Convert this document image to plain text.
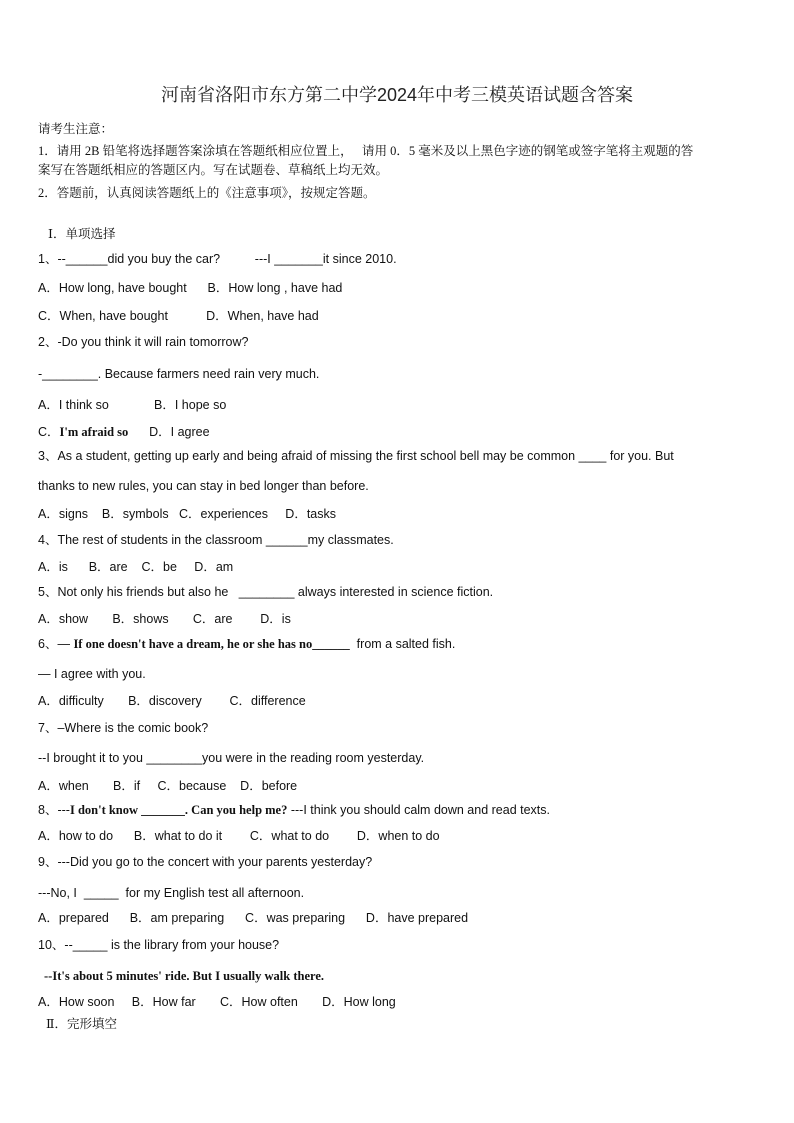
河南省洛阳市东方第二中学2024年中考三模英语试题含答案
请考生注意：
1．请用 2B 铅笔将选择题答案涂填在答题纸相应位置上，   请用 0．5 毫米及以上黑色字迹的钢笔或签字笔将主观题的答
案写在答题纸相应的答题区内。写在试题卷、草稿纸上均无效。
2．答题前，认真阅读答题纸上的《注意事项》，按规定答题。
Ⅰ．单项选择
1、--______did you buy the car?          ---I _______it since 2010.
A．How long, have bought      B．How long , have had
C．When, have bought           D．When, have had
2、-Do you think it will rain tomorrow?
-________. Because farmers need rain very much.
A．I think so             B．I hope so
C．I'm afraid so      D．I agree
3、As a student, getting up early and being afraid of missing the first school bell may be common ____ for you. But
thanks to new rules, you can stay in bed longer than before.
A．signs    B．symbols   C．experiences     D．tasks
4、The rest of students in the classroom ______my classmates.
A．is      B．are    C．be     D．am
5、Not only his friends but also he   ________ always interested in science fiction.
A．show       B．shows       C．are        D．is
6、— If one doesn't have a dream, he or she has no______  from a salted fish.
— I agree with you.
A．difficulty       B．discovery        C．difference
7、–Where is the comic book?
--I brought it to you ________you were in the reading room yesterday.
A．when       B．if     C．because    D．before
8、---I don't know _______. Can you help me? ---I think you should calm down and read texts.
A．how to do      B．what to do it        C．what to do        D．when to do
9、---Did you go to the concert with your parents yesterday?
---No, I  _____  for my English test all afternoon.
A．prepared      B．am preparing      C．was preparing      D．have prepared
10、--_____ is the library from your house?
--It's about 5 minutes' ride. But I usually walk there.
A．How soon     B．How far       C．How often       D．How long
Ⅱ．完形填空
